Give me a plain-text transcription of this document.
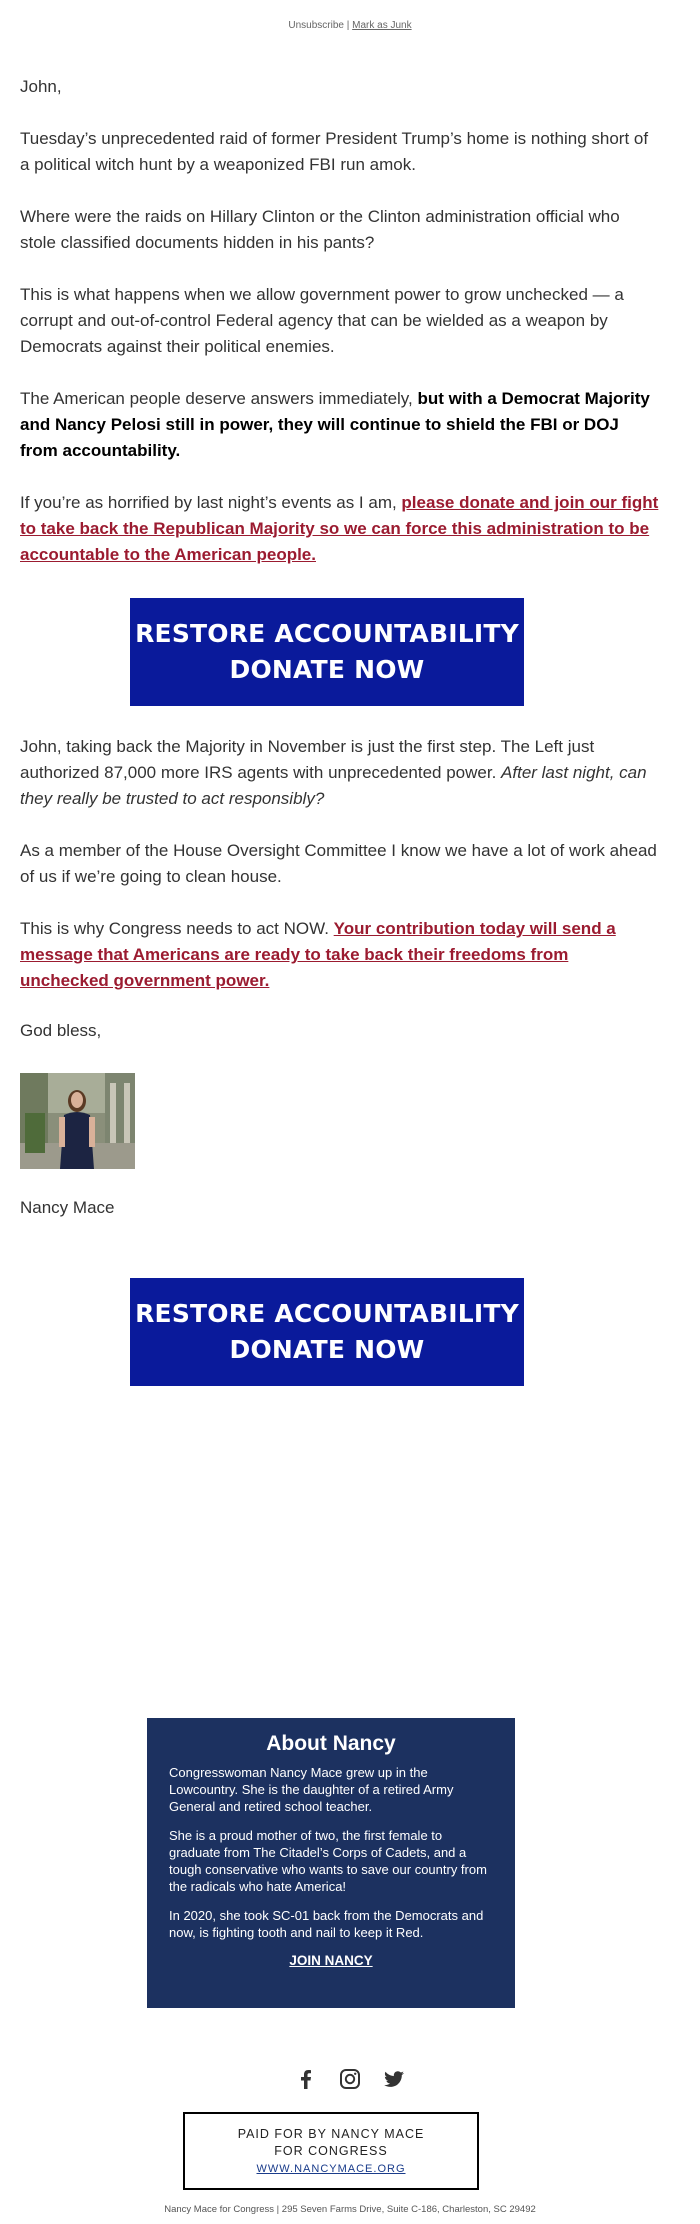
Unsubscribe | Mark as Junk

John,

Tuesday’s unprecedented raid of former President Trump’s home is nothing short of a political witch hunt by a weaponized FBI run amok.

Where were the raids on Hillary Clinton or the Clinton administration official who stole classified documents hidden in his pants?

This is what happens when we allow government power to grow unchecked — a corrupt and out-of-control Federal agency that can be wielded as a weapon by Democrats against their political enemies.

The American people deserve answers immediately, but with a Democrat Majority and Nancy Pelosi still in power, they will continue to shield the FBI or DOJ from accountability.

If you’re as horrified by last night’s events as I am, please donate and join our fight to take back the Republican Majority so we can force this administration to be accountable to the American people.

RESTORE ACCOUNTABILITY
DONATE NOW

John, taking back the Majority in November is just the first step. The Left just authorized 87,000 more IRS agents with unprecedented power. After last night, can they really be trusted to act responsibly?

As a member of the House Oversight Committee I know we have a lot of work ahead of us if we’re going to clean house.

This is why Congress needs to act NOW. Your contribution today will send a message that Americans are ready to take back their freedoms from unchecked government power.

God bless,
Nancy Mace
RESTORE ACCOUNTABILITY
DONATE NOW
About Nancy

Congresswoman Nancy Mace grew up in the Lowcountry. She is the daughter of a retired Army General and retired school teacher.

She is a proud mother of two, the first female to graduate from The Citadel’s Corps of Cadets, and a tough conservative who wants to save our country from the radicals who hate America!

In 2020, she took SC-01 back from the Democrats and now, is fighting tooth and nail to keep it Red.

JOIN NANCY

PAID FOR BY NANCY MACE
FOR CONGRESS
WWW.NANCYMACE.ORG
Nancy Mace for Congress | 295 Seven Farms Drive, Suite C-186, Charleston, SC 29492
